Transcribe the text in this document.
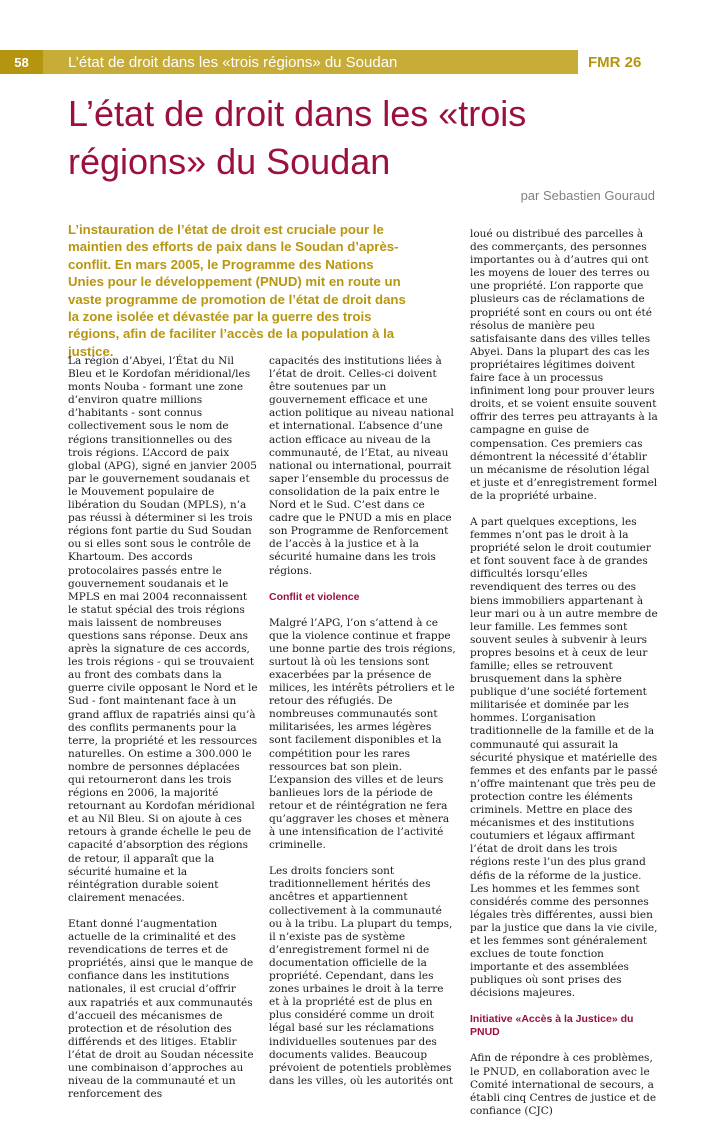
58	L’état de droit dans les «trois régions» du Soudan	FMR 26
L’état de droit dans les «trois régions» du Soudan
par Sebastien Gouraud
L’instauration de l’état de droit est cruciale pour le maintien des efforts de paix dans le Soudan d’après-conflit. En mars 2005, le Programme des Nations Unies pour le développement (PNUD) mit en route un vaste programme de promotion de l’état de droit dans la zone isolée et dévastée par la guerre des trois régions, afin de faciliter l’accès de la population à la justice.

La région d’Abyei, l’État du Nil Bleu et le Kordofan méridional/les monts Nouba - formant une zone d’environ quatre millions d’habitants - sont connus collectivement sous le nom de régions transitionnelles ou des trois régions. L’Accord de paix global (APG), signé en janvier 2005 par le gouvernement soudanais et le Mouvement populaire de libération du Soudan (MPLS), n’a pas réussi à déterminer si les trois régions font partie du Sud Soudan ou si elles sont sous le contrôle de Khartoum. Des accords protocolaires passés entre le gouvernement soudanais et le MPLS en mai 2004 reconnaissent le statut spécial des trois régions mais laissent de nombreuses questions sans réponse. Deux ans après la signature de ces accords, les trois régions - qui se trouvaient au front des combats dans la guerre civile opposant le Nord et le Sud - font maintenant face à un grand afflux de rapatriés ainsi qu’à des conflits permanents pour la terre, la propriété et les ressources naturelles. On estime a 300.000 le nombre de personnes déplacées qui retourneront dans les trois régions en 2006, la majorité retournant au Kordofan méridional et au Nil Bleu. Si on ajoute à ces retours à grande échelle le peu de capacité d’absorption des régions de retour, il apparaît que la sécurité humaine et la réintégration durable soient clairement menacées.

Etant donné l’augmentation actuelle de la criminalité et des revendications de terres et de propriétés, ainsi que le manque de confiance dans les institutions nationales, il est crucial d’offrir aux rapatriés et aux communautés d’accueil des mécanismes de protection et de résolution des différends et des litiges. Etablir l’état de droit au Soudan nécessite une combinaison d’approches au niveau de la communauté et un renforcement des

capacités des institutions liées à l’état de droit. Celles-ci doivent être soutenues par un gouvernement efficace et une action politique au niveau national et international. L’absence d’une action efficace au niveau de la communauté, de l’Etat, au niveau national ou international, pourrait saper l’ensemble du processus de consolidation de la paix entre le Nord et le Sud. C’est dans ce cadre que le PNUD a mis en place son Programme de Renforcement de l’accès à la justice et à la sécurité humaine dans les trois régions.

Conflit et violence

Malgré l’APG, l’on s’attend à ce que la violence continue et frappe une bonne partie des trois régions, surtout là où les tensions sont exacerbées par la présence de milices, les intérêts pétroliers et le retour des réfugiés. De nombreuses communautés sont militarisées, les armes légères sont facilement disponibles et la compétition pour les rares ressources bat son plein. L’expansion des villes et de leurs banlieues lors de la période de retour et de réintégration ne fera qu’aggraver les choses et mènera à une intensification de l’activité criminelle.

Les droits fonciers sont traditionnellement hérités des ancêtres et appartiennent collectivement à la communauté ou à la tribu. La plupart du temps, il n’existe pas de système d’enregistrement formel ni de documentation officielle de la propriété. Cependant, dans les zones urbaines le droit à la terre et à la propriété est de plus en plus considéré comme un droit légal basé sur les réclamations individuelles soutenues par des documents valides. Beaucoup prévoient de potentiels problèmes dans les villes, où les autorités ont

loué ou distribué des parcelles à des commerçants, des personnes importantes ou à d’autres qui ont les moyens de louer des terres ou une propriété. L’on rapporte que plusieurs cas de réclamations de propriété sont en cours ou ont été résolus de manière peu satisfaisante dans des villes telles Abyei. Dans la plupart des cas les propriétaires légitimes doivent faire face à un processus infiniment long pour prouver leurs droits, et se voient ensuite souvent offrir des terres peu attrayants à la campagne en guise de compensation. Ces premiers cas démontrent la nécessité d’établir un mécanisme de résolution légal et juste et d’enregistrement formel de la propriété urbaine.

A part quelques exceptions, les femmes n’ont pas le droit à la propriété selon le droit coutumier et font souvent face à de grandes difficultés lorsqu’elles revendiquent des terres ou des biens immobiliers appartenant à leur mari ou à un autre membre de leur famille. Les femmes sont souvent seules à subvenir à leurs propres besoins et à ceux de leur famille; elles se retrouvent brusquement dans la sphère publique d’une société fortement militarisée et dominée par les hommes. L’organisation traditionnelle de la famille et de la communauté qui assurait la sécurité physique et matérielle des femmes et des enfants par le passé n’offre maintenant que très peu de protection contre les éléments criminels. Mettre en place des mécanismes et des institutions coutumiers et légaux affirmant l’état de droit dans les trois régions reste l’un des plus grand défis de la réforme de la justice. Les hommes et les femmes sont considérés comme des personnes légales très différentes, aussi bien par la justice que dans la vie civile, et les femmes sont généralement exclues de toute fonction importante et des assemblées publiques où sont prises des décisions majeures.

Initiative «Accès à la Justice» du PNUD

Afin de répondre à ces problèmes, le PNUD, en collaboration avec le Comité international de secours, a établi cinq Centres de justice et de confiance (CJC)
